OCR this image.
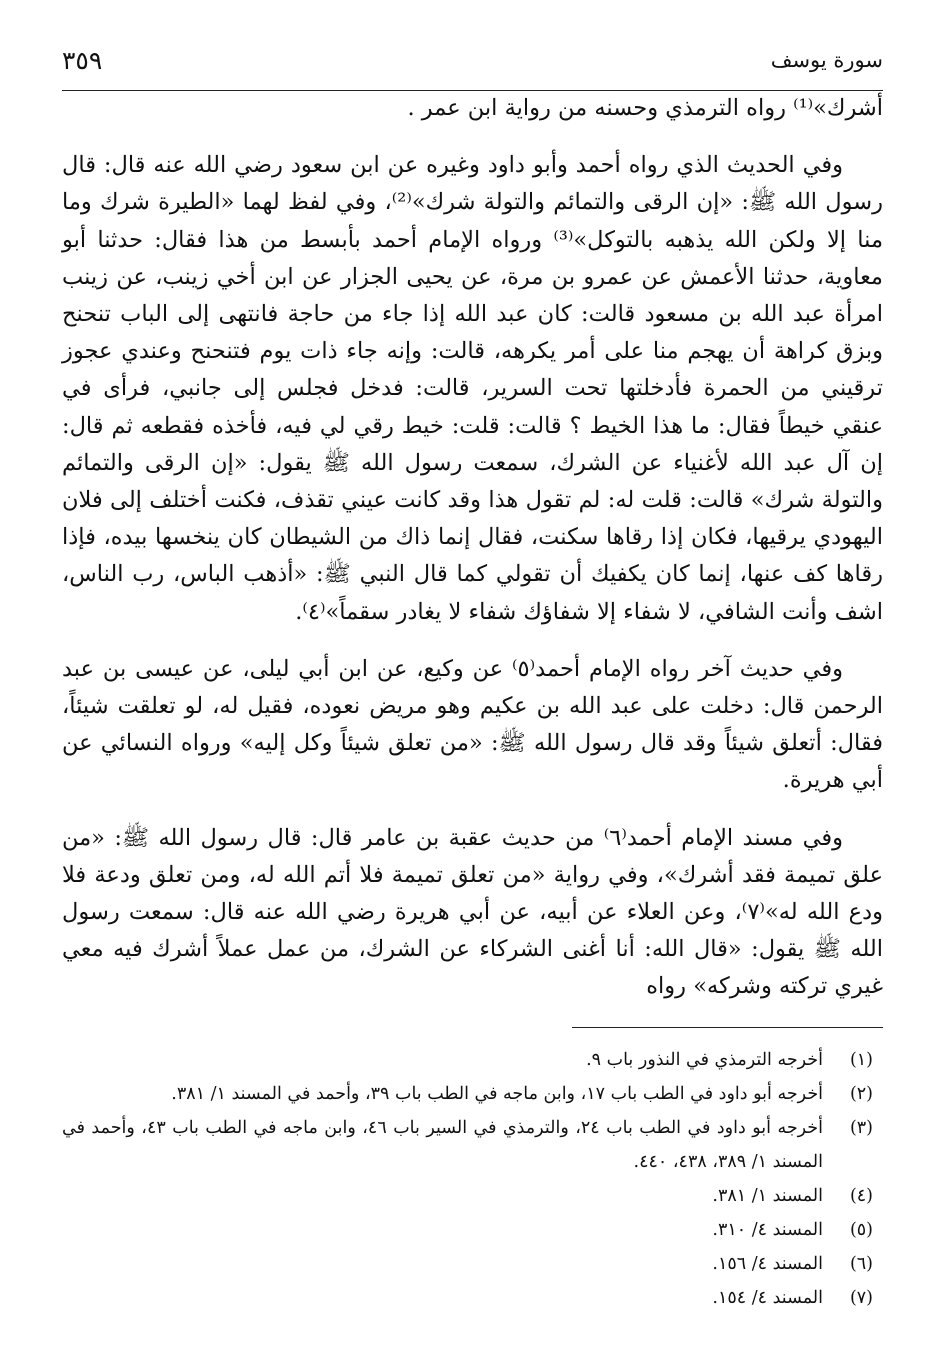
سورة يوسف
٣٥٩

أشرك»⁽¹⁾ رواه الترمذي وحسنه من رواية ابن عمر .

وفي الحديث الذي رواه أحمد وأبو داود وغيره عن ابن سعود رضي الله عنه قال: قال رسول الله ﷺ: «إن الرقى والتمائم والتولة شرك»⁽²⁾، وفي لفظ لهما «الطيرة شرك وما منا إلا ولكن الله يذهبه بالتوكل»⁽³⁾ ورواه الإمام أحمد بأبسط من هذا فقال: حدثنا أبو معاوية، حدثنا الأعمش عن عمرو بن مرة، عن يحيى الجزار عن ابن أخي زينب، عن زينب امرأة عبد الله بن مسعود قالت: كان عبد الله إذا جاء من حاجة فانتهى إلى الباب تنحنح وبزق كراهة أن يهجم منا على أمر يكرهه، قالت: وإنه جاء ذات يوم فتنحنح وعندي عجوز ترقيني من الحمرة فأدخلتها تحت السرير، قالت: فدخل فجلس إلى جانبي، فرأى في عنقي خيطاً فقال: ما هذا الخيط ؟ قالت: قلت: خيط رقي لي فيه، فأخذه فقطعه ثم قال: إن آل عبد الله لأغنياء عن الشرك، سمعت رسول الله ﷺ يقول: «إن الرقى والتمائم والتولة شرك» قالت: قلت له: لم تقول هذا وقد كانت عيني تقذف، فكنت أختلف إلى فلان اليهودي يرقيها، فكان إذا رقاها سكنت، فقال إنما ذاك من الشيطان كان ينخسها بيده، فإذا رقاها كف عنها، إنما كان يكفيك أن تقولي كما قال النبي ﷺ: «أذهب الباس، رب الناس، اشف وأنت الشافي، لا شفاء إلا شفاؤك شفاء لا يغادر سقماً»⁽٤⁾.

وفي حديث آخر رواه الإمام أحمد⁽٥⁾ عن وكيع، عن ابن أبي ليلى، عن عيسى بن عبد الرحمن قال: دخلت على عبد الله بن عكيم وهو مريض نعوده، فقيل له، لو تعلقت شيئاً، فقال: أتعلق شيئاً وقد قال رسول الله ﷺ: «من تعلق شيئاً وكل إليه» ورواه النسائي عن أبي هريرة.

وفي مسند الإمام أحمد⁽٦⁾ من حديث عقبة بن عامر قال: قال رسول الله ﷺ: «من علق تميمة فقد أشرك»، وفي رواية «من تعلق تميمة فلا أتم الله له، ومن تعلق ودعة فلا ودع الله له»⁽٧⁾، وعن العلاء عن أبيه، عن أبي هريرة رضي الله عنه قال: سمعت رسول الله ﷺ يقول: «قال الله: أنا أغنى الشركاء عن الشرك، من عمل عملاً أشرك فيه معي غيري تركته وشركه» رواه

(١)
أخرجه الترمذي في النذور باب ٩.
(٢)
أخرجه أبو داود في الطب باب ١٧، وابن ماجه في الطب باب ٣٩، وأحمد في المسند ١/ ٣٨١.
(٣)
أخرجه أبو داود في الطب باب ٢٤، والترمذي في السير باب ٤٦، وابن ماجه في الطب باب ٤٣، وأحمد في المسند ١/ ٣٨٩، ٤٣٨، ٤٤٠.
(٤)
المسند ١/ ٣٨١.
(٥)
المسند ٤/ ٣١٠.
(٦)
المسند ٤/ ١٥٦.
(٧)
المسند ٤/ ١٥٤.
